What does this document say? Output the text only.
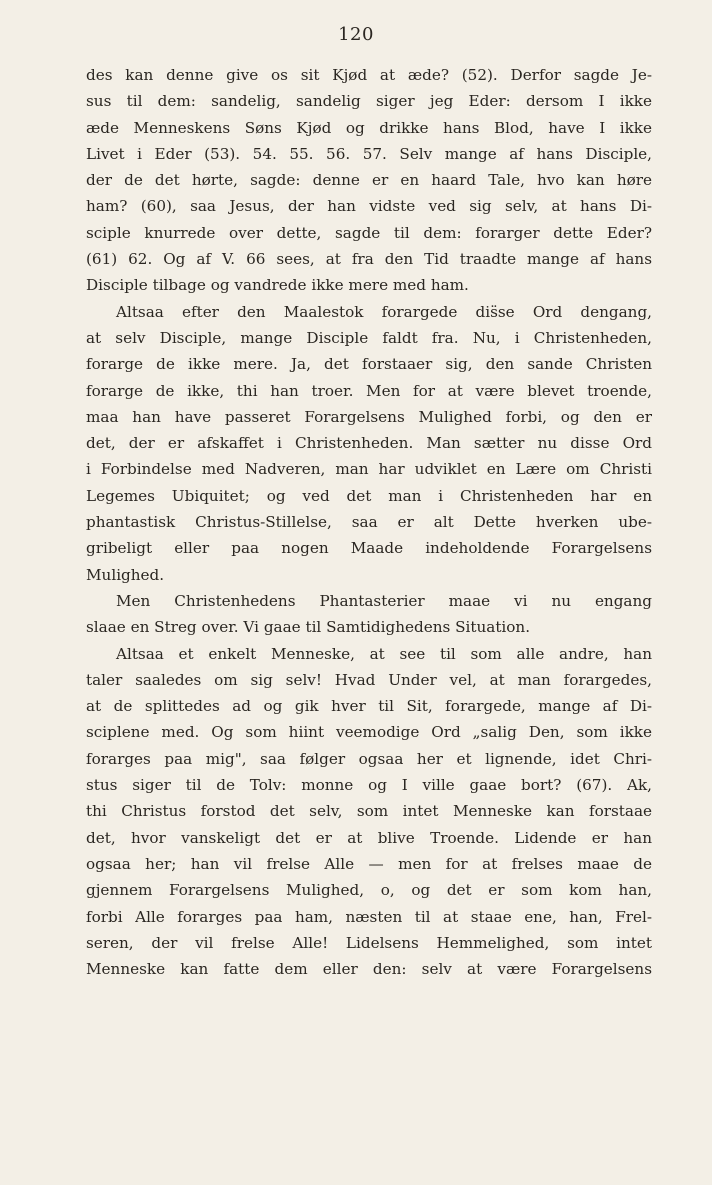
120
des kan denne give os sit Kjød at æde? (52). Derfor sagde Je-
sus til dem: sandelig, sandelig siger jeg Eder: dersom I ikke
æde Menneskens Søns Kjød og drikke hans Blod, have I ikke
Livet i Eder (53). 54. 55. 56. 57. Selv mange af hans Disciple,
der de det hørte, sagde: denne er en haard Tale, hvo kan høre
ham? (60), saa Jesus, der han vidste ved sig selv, at hans Di-
sciple knurrede over dette, sagde til dem: forarger dette Eder?
(61) 62. Og af V. 66 sees, at fra den Tid traadte mange af hans
Disciple tilbage og vandrede ikke mere med ham.
Altsaa efter den Maalestok forargede dis̈se Ord dengang,
at selv Disciple, mange Disciple faldt fra. Nu, i Christenheden,
forarge de ikke mere. Ja, det forstaaer sig, den sande Christen
forarge de ikke, thi han troer. Men for at være blevet troende,
maa han have passeret Forargelsens Mulighed forbi, og den er
det, der er afskaffet i Christenheden. Man sætter nu disse Ord
i Forbindelse med Nadveren, man har udviklet en Lære om Christi
Legemes Ubiquitet; og ved det man i Christenheden har en
phantastisk Christus-Stillelse, saa er alt Dette hverken ube-
gribeligt eller paa nogen Maade indeholdende Forargelsens
Mulighed.
Men Christenhedens Phantasterier maae vi nu engang
slaae en Streg over. Vi gaae til Samtidighedens Situation.
Altsaa et enkelt Menneske, at see til som alle andre, han
taler saaledes om sig selv! Hvad Under vel, at man forargedes,
at de splittedes ad og gik hver til Sit, forargede, mange af Di-
sciplene med. Og som hiint veemodige Ord „salig Den, som ikke
forarges paa mig", saa følger ogsaa her et lignende, idet Chri-
stus siger til de Tolv: monne og I ville gaae bort? (67). Ak,
thi Christus forstod det selv, som intet Menneske kan forstaae
det, hvor vanskeligt det er at blive Troende. Lidende er han
ogsaa her; han vil frelse Alle — men for at frelses maae de
gjennem Forargelsens Mulighed, o, og det er som kom han,
forbi Alle forarges paa ham, næsten til at staae ene, han, Frel-
seren, der vil frelse Alle! Lidelsens Hemmelighed, som intet
Menneske kan fatte dem eller den: selv at være Forargelsens
